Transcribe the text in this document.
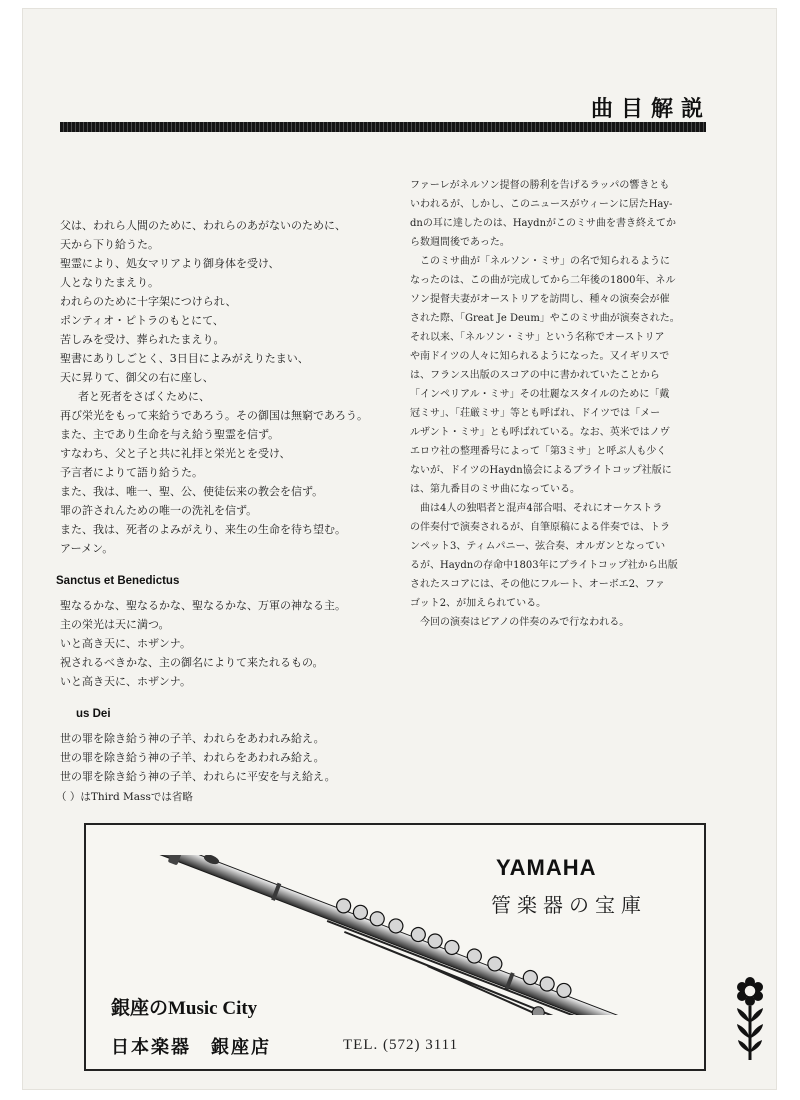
曲目解説
父は、われら人間のために、われらのあがないのために、
天から下り給うた。
聖霊により、処女マリアより御身体を受け、
人となりたまえり。
われらのために十字架につけられ、
ポンティオ・ピトラのもとにて、
苦しみを受け、葬られたまえり。
聖書にありしごとく、3日目によみがえりたまい、
天に昇りて、御父の右に座し、
者と死者をさばくために、
再び栄光をもって来給うであろう。その御国は無窮であろう。
また、主であり生命を与え給う聖霊を信ず。
すなわち、父と子と共に礼拝と栄光とを受け、
予言者によりて語り給うた。
また、我は、唯一、聖、公、使徒伝来の教会を信ず。
罪の許されんための唯一の洗礼を信ず。
また、我は、死者のよみがえり、来生の生命を待ち望む。
アーメン。
Sanctus et Benedictus
聖なるかな、聖なるかな、聖なるかな、万軍の神なる主。
主の栄光は天に満つ。
いと高き天に、ホザンナ。
祝されるべきかな、主の御名によりて来たれるもの。
いと高き天に、ホザンナ。
us Dei
世の罪を除き給う神の子羊、われらをあわれみ給え。
世の罪を除き給う神の子羊、われらをあわれみ給え。
世の罪を除き給う神の子羊、われらに平安を与え給え。
（ ）はThird Massでは省略
ファーレがネルソン提督の勝利を告げるラッパの響きとも
いわれるが、しかし、このニュースがウィーンに居たHay-
dnの耳に達したのは、Haydnがこのミサ曲を書き終えてか
ら数週間後であった。
　このミサ曲が「ネルソン・ミサ」の名で知られるように
なったのは、この曲が完成してから二年後の1800年、ネル
ソン提督夫妻がオーストリアを訪問し、種々の演奏会が催
された際、「Great Je Deum」やこのミサ曲が演奏された。
それ以来、「ネルソン・ミサ」という名称でオーストリア
や南ドイツの人々に知られるようになった。又イギリスで
は、フランス出版のスコアの中に書かれていたことから
「インペリアル・ミサ」その壮麗なスタイルのために「戴
冠ミサ」、「荘厳ミサ」等とも呼ばれ、ドイツでは「メー
ルザント・ミサ」とも呼ばれている。なお、英米ではノヴ
エロウ社の整理番号によって「第3ミサ」と呼ぶ人も少く
ないが、ドイツのHaydn協会によるブライトコップ社版に
は、第九番目のミサ曲になっている。
　曲は4人の独唱者と混声4部合唱、それにオーケストラ
の伴奏付で演奏されるが、自筆原稿による伴奏では、トラ
ンペット3、ティムパニー、弦合奏、オルガンとなってい
るが、Haydnの存命中1803年にブライトコップ社から出版
されたスコアには、その他にフルート、オーボエ2、ファ
ゴット2、が加えられている。
　今回の演奏はピアノの伴奏のみで行なわれる。
YAMAHA
管楽器の宝庫
銀座のMusic City
日本楽器　銀座店	TEL. (572) 3111
